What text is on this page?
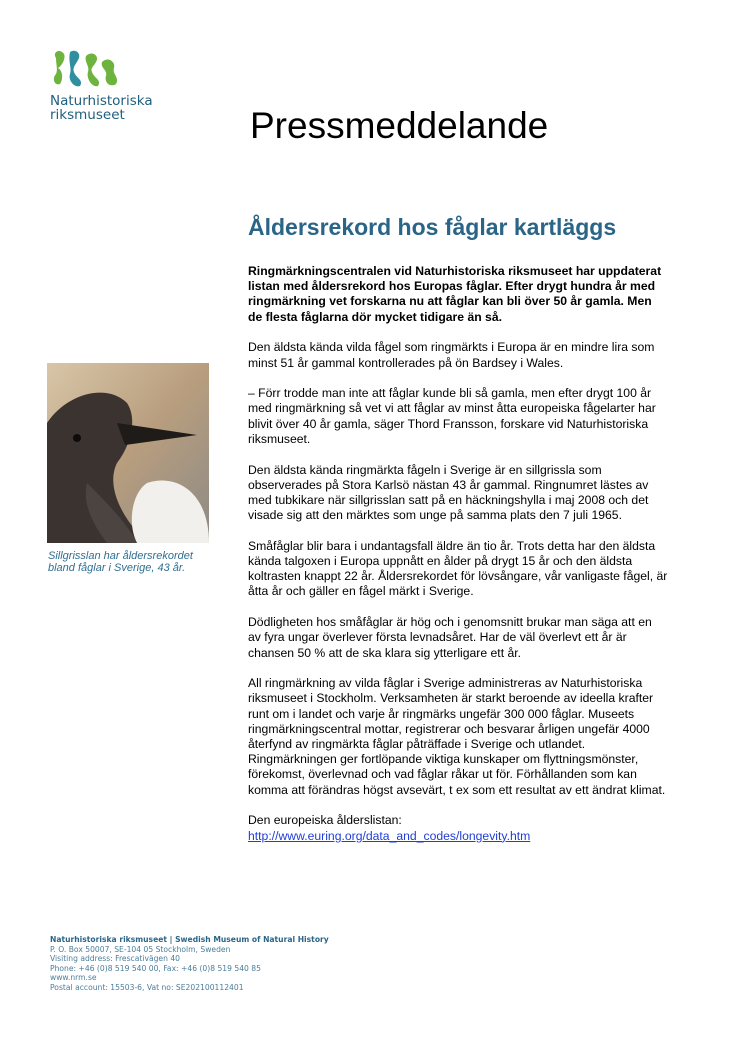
Naturhistoriska
riksmuseet	Pressmeddelande
Åldersrekord hos fåglar kartläggs

Sillgrisslan har åldersrekordet bland fåglar i Sverige, 43 år.

Ringmärkningscentralen vid Naturhistoriska riksmuseet har uppdaterat listan med åldersrekord hos Europas fåglar. Efter drygt hundra år med ringmärkning vet forskarna nu att fåglar kan bli över 50 år gamla. Men de flesta fåglarna dör mycket tidigare än så.

Den äldsta kända vilda fågel som ringmärkts i Europa är en mindre lira som minst 51 år gammal kontrollerades på ön Bardsey i Wales.

– Förr trodde man inte att fåglar kunde bli så gamla, men efter drygt 100 år med ringmärkning så vet vi att fåglar av minst åtta europeiska fågelarter har blivit över 40 år gamla, säger Thord Fransson, forskare vid Naturhistoriska riksmuseet.

Den äldsta kända ringmärkta fågeln i Sverige är en sillgrissla som observerades på Stora Karlsö nästan 43 år gammal. Ringnumret lästes av med tubkikare när sillgrisslan satt på en häckningshylla i maj 2008 och det visade sig att den märktes som unge på samma plats den 7 juli 1965.

Småfåglar blir bara i undantagsfall äldre än tio år. Trots detta har den äldsta kända talgoxen i Europa uppnått en ålder på drygt 15 år och den äldsta koltrasten knappt 22 år. Åldersrekordet för lövsångare, vår vanligaste fågel, är åtta år och gäller en fågel märkt i Sverige.

Dödligheten hos småfåglar är hög och i genomsnitt brukar man säga att en av fyra ungar överlever första levnadsåret. Har de väl överlevt ett år är chansen 50 % att de ska klara sig ytterligare ett år.

All ringmärkning av vilda fåglar i Sverige administreras av Naturhistoriska riksmuseet i Stockholm. Verksamheten är starkt beroende av ideella krafter runt om i landet och varje år ringmärks ungefär 300 000 fåglar. Museets ringmärkningscentral mottar, registrerar och besvarar årligen ungefär 4000 återfynd av ringmärkta fåglar påträffade i Sverige och utlandet. Ringmärkningen ger fortlöpande viktiga kunskaper om flyttningsmönster, förekomst, överlevnad och vad fåglar råkar ut för. Förhållanden som kan komma att förändras högst avsevärt, t ex som ett resultat av ett ändrat klimat.

Den europeiska ålderslistan:
http://www.euring.org/data_and_codes/longevity.htm

Naturhistoriska riksmuseet | Swedish Museum of Natural History
P. O. Box 50007, SE-104 05 Stockholm, Sweden
Visiting address: Frescativägen 40
Phone: +46 (0)8 519 540 00, Fax: +46 (0)8 519 540 85
www.nrm.se
Postal account: 15503-6, Vat no: SE202100112401
